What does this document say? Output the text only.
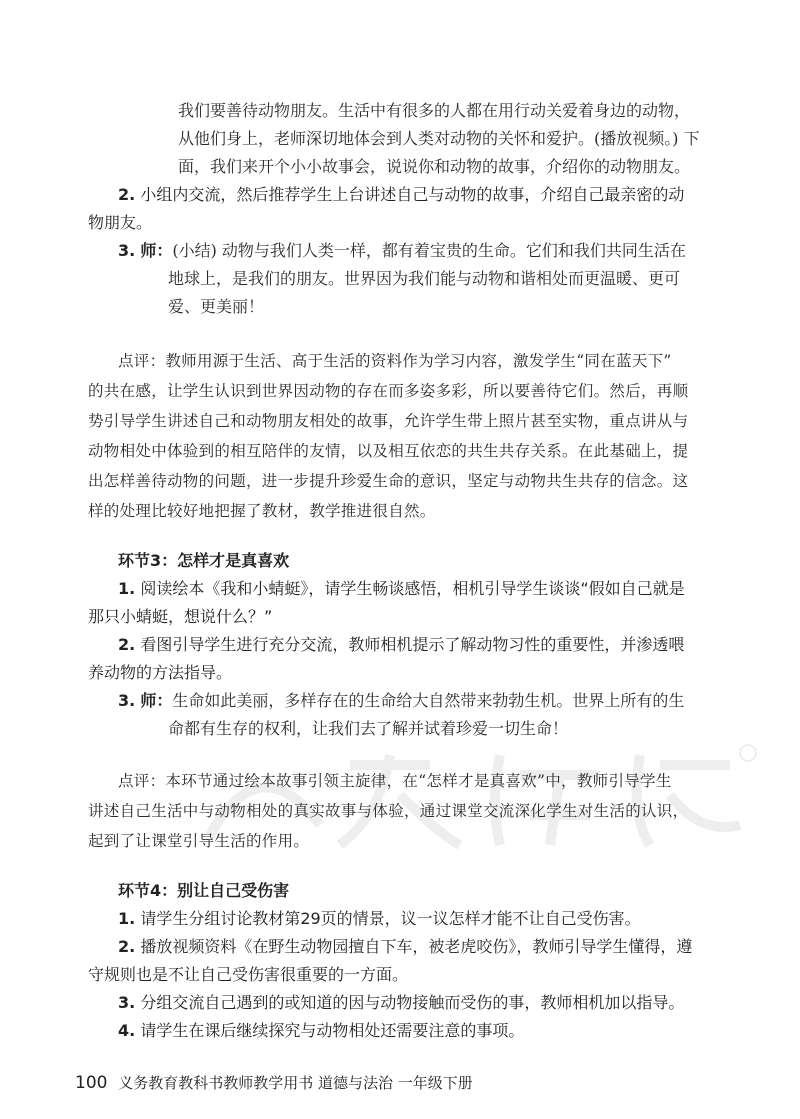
我们要善待动物朋友。生活中有很多的人都在用行动关爱着身边的动物，

从他们身上，老师深切地体会到人类对动物的关怀和爱护。(播放视频。) 下

面，我们来开个小小故事会，说说你和动物的故事，介绍你的动物朋友。

2. 小组内交流，然后推荐学生上台讲述自己与动物的故事，介绍自己最亲密的动

物朋友。

3. 师：(小结) 动物与我们人类一样，都有着宝贵的生命。它们和我们共同生活在

地球上，是我们的朋友。世界因为我们能与动物和谐相处而更温暖、更可

爱、更美丽！

点评：教师用源于生活、高于生活的资料作为学习内容，激发学生“同在蓝天下”
的共在感，让学生认识到世界因动物的存在而多姿多彩，所以要善待它们。然后，再顺
势引导学生讲述自己和动物朋友相处的故事，允许学生带上照片甚至实物，重点讲从与
动物相处中体验到的相互陪伴的友情，以及相互依恋的共生共存关系。在此基础上，提
出怎样善待动物的问题，进一步提升珍爱生命的意识，坚定与动物共生共存的信念。这
样的处理比较好地把握了教材，教学推进很自然。
环节3：怎样才是真喜欢

1. 阅读绘本《我和小蜻蜓》，请学生畅谈感悟，相机引导学生谈谈“假如自己就是

那只小蜻蜓，想说什么？”

2. 看图引导学生进行充分交流，教师相机提示了解动物习性的重要性，并渗透喂

养动物的方法指导。

3. 师：生命如此美丽，多样存在的生命给大自然带来勃勃生机。世界上所有的生

命都有生存的权利，让我们去了解并试着珍爱一切生命！

点评：本环节通过绘本故事引领主旋律，在“怎样才是真喜欢”中，教师引导学生
讲述自己生活中与动物相处的真实故事与体验，通过课堂交流深化学生对生活的认识，
起到了让课堂引导生活的作用。
环节4：别让自己受伤害

1. 请学生分组讨论教材第29页的情景，议一议怎样才能不让自己受伤害。

2. 播放视频资料《在野生动物园擅自下车，被老虎咬伤》，教师引导学生懂得，遵

守规则也是不让自己受伤害很重要的一方面。

3. 分组交流自己遇到的或知道的因与动物接触而受伤的事，教师相机加以指导。

4. 请学生在课后继续探究与动物相处还需要注意的事项。

100 义务教育教科书教师教学用书 道德与法治 一年级下册
